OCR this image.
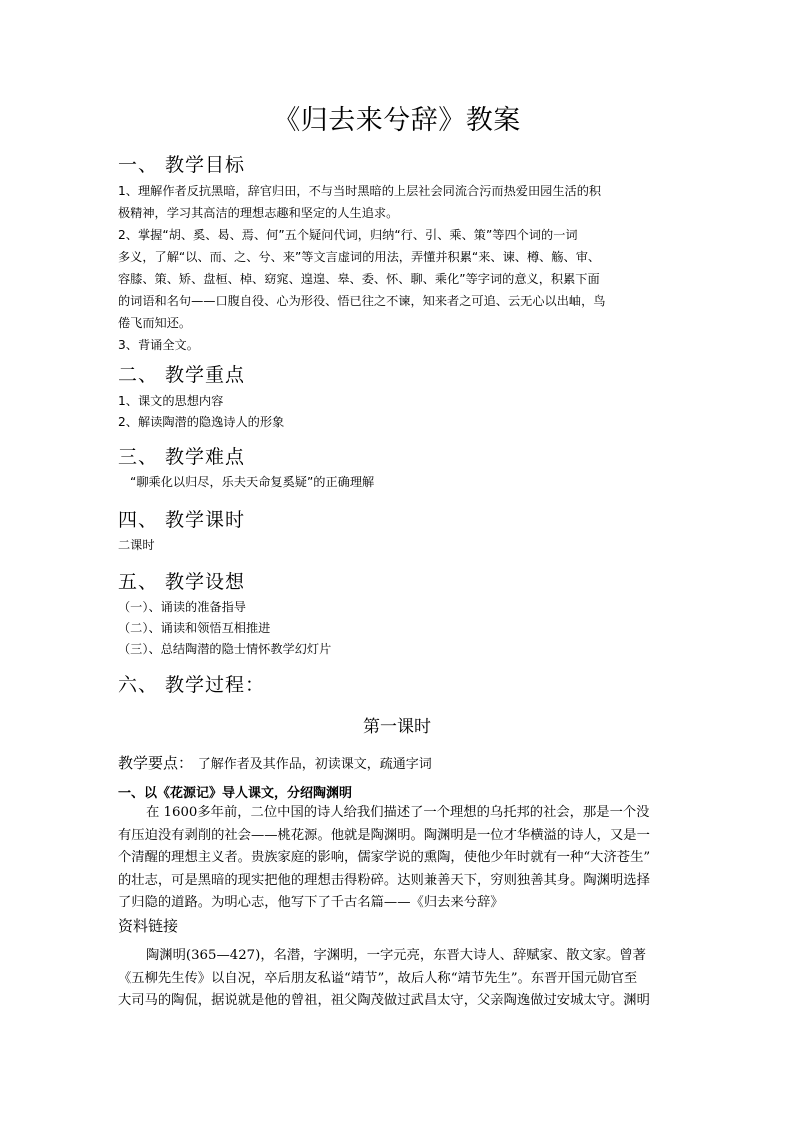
《归去来兮辞》教案
一、 教学目标
1、理解作者反抗黑暗，辞官归田，不与当时黑暗的上层社会同流合污而热爱田园生活的积
极精神，学习其高洁的理想志趣和坚定的人生追求。
2、掌握“胡、奚、曷、焉、何”五个疑问代词，归纳“行、引、乘、策”等四个词的一词
多义，了解“以、而、之、兮、来”等文言虚词的用法，弄懂并积累“来、谏、樽、觞、审、
容膝、策、矫、盘桓、棹、窈窕、遑遑、皋、委、怀、聊、乘化”等字词的意义，积累下面
的词语和名句——口腹自役、心为形役、悟已往之不谏，知来者之可追、云无心以出岫，鸟
倦飞而知还。
3、背诵全文。
二、 教学重点
1、课文的思想内容
2、解读陶潜的隐逸诗人的形象
三、 教学难点
“聊乘化以归尽，乐夫天命复奚疑”的正确理解
四、 教学课时
二课时
五、 教学设想
（一）、诵读的准备指导
（二）、诵读和领悟互相推进
（三）、总结陶潜的隐士情怀教学幻灯片
六、 教学过程：
第一课时
教学要点： 了解作者及其作品，初读课文，疏通字词
一、以《花源记》导人课文，分绍陶渊明
在 1600多年前，二位中国的诗人给我们描述了一个理想的乌托邦的社会，那是一个没
有压迫没有剥削的社会——桃花源。他就是陶渊明。陶渊明是一位才华横溢的诗人，又是一
个清醒的理想主义者。贵族家庭的影响，儒家学说的熏陶，使他少年时就有一种“大济苍生”
的壮志，可是黑暗的现实把他的理想击得粉碎。达则兼善天下，穷则独善其身。陶渊明选择
了归隐的道路。为明心志，他写下了千古名篇——《归去来兮辞》
资料链接
陶渊明(365—427)，名潜，字渊明，一字元亮，东晋大诗人、辞赋家、散文家。曾著
《五柳先生传》以自况，卒后朋友私谥“靖节”，故后人称“靖节先生”。东晋开国元勋官至
大司马的陶侃，据说就是他的曾祖，祖父陶茂做过武昌太守，父亲陶逸做过安城太守。渊明
